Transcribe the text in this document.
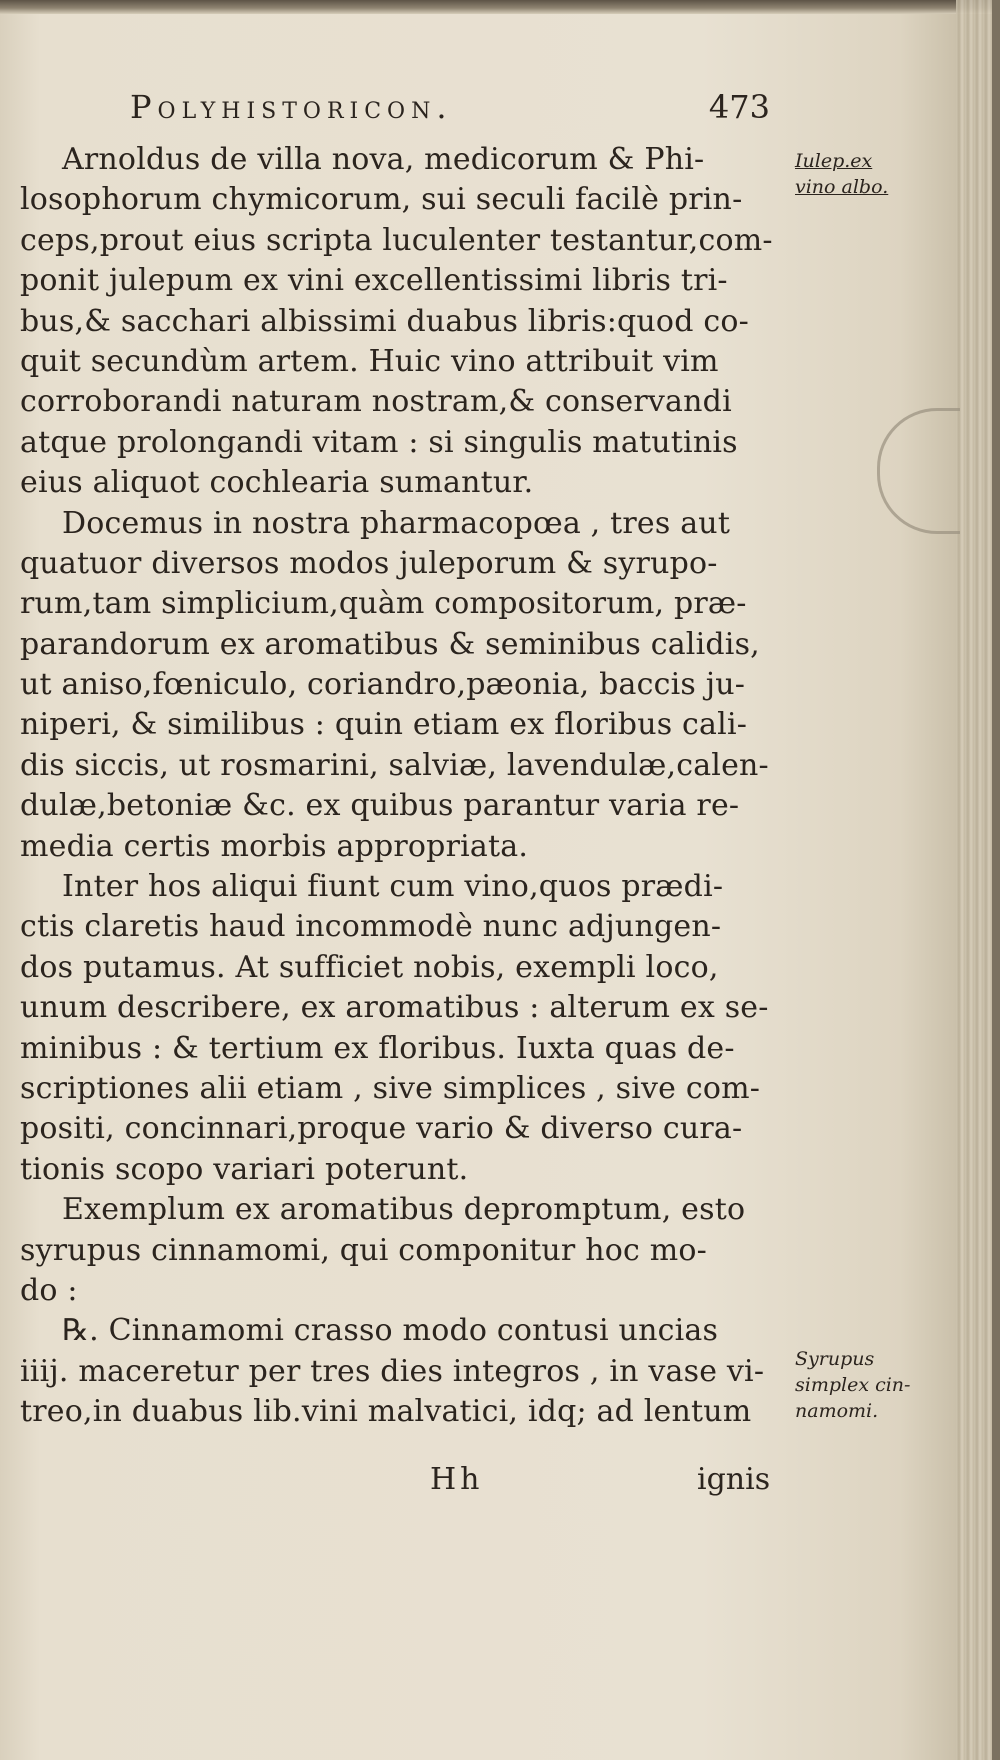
Polyhistoricon.	473
Arnoldus de villa nova, medicorum & Phi-
losophorum chymicorum, sui seculi facilè prin-
ceps,prout eius scripta luculenter testantur,com-
ponit julepum ex vini excellentissimi libris tri-
bus,& sacchari albissimi duabus libris:quod co-
quit secundùm artem. Huic vino attribuit vim
corroborandi naturam nostram,& conservandi
atque prolongandi vitam : si singulis matutinis
eius aliquot cochlearia sumantur.
Docemus in nostra pharmacopœa , tres aut
quatuor diversos modos juleporum & syrupo-
rum,tam simplicium,quàm compositorum, præ-
parandorum ex aromatibus & seminibus calidis,
ut aniso,fœniculo, coriandro,pæonia, baccis ju-
niperi, & similibus : quin etiam ex floribus cali-
dis siccis, ut rosmarini, salviæ, lavendulæ,calen-
dulæ,betoniæ &c. ex quibus parantur varia re-
media certis morbis appropriata.
Inter hos aliqui fiunt cum vino,quos prædi-
ctis claretis haud incommodè nunc adjungen-
dos putamus. At sufficiet nobis, exempli loco,
unum describere, ex aromatibus : alterum ex se-
minibus : & tertium ex floribus. Iuxta quas de-
scriptiones alii etiam , sive simplices , sive com-
positi, concinnari,proque vario & diverso cura-
tionis scopo variari poterunt.
Exemplum ex aromatibus depromptum, esto
syrupus cinnamomi, qui componitur hoc mo-
do :
℞. Cinnamomi crasso modo contusi uncias
iiij. maceretur per tres dies integros , in vase vi-
treo,in duabus lib.vini malvatici, idq; ad lentum
Iulep.ex
vino albo.
Syrupus
simplex cin-
namomi.
Hh	ignis
